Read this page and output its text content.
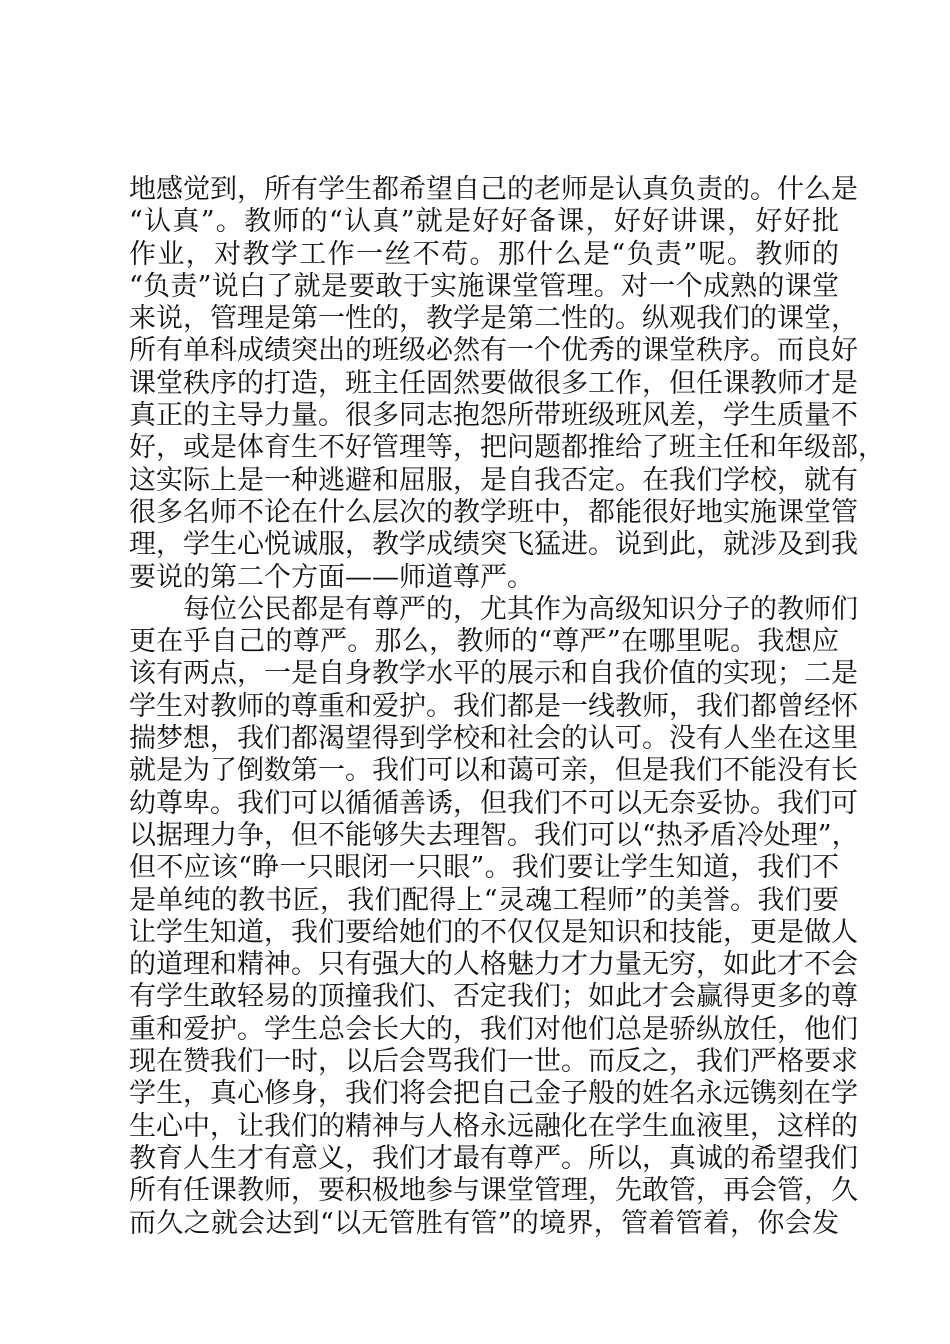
地感觉到，所有学生都希望自己的老师是认真负责的。什么是
“认真”。教师的“认真”就是好好备课，好好讲课，好好批
作业，对教学工作一丝不苟。那什么是“负责”呢。教师的
“负责”说白了就是要敢于实施课堂管理。对一个成熟的课堂
来说，管理是第一性的，教学是第二性的。纵观我们的课堂，
所有单科成绩突出的班级必然有一个优秀的课堂秩序。而良好
课堂秩序的打造，班主任固然要做很多工作，但任课教师才是
真正的主导力量。很多同志抱怨所带班级班风差，学生质量不
好，或是体育生不好管理等，把问题都推给了班主任和年级部，
这实际上是一种逃避和屈服，是自我否定。在我们学校，就有
很多名师不论在什么层次的教学班中，都能很好地实施课堂管
理，学生心悦诚服，教学成绩突飞猛进。说到此，就涉及到我
要说的第二个方面——师道尊严。
每位公民都是有尊严的，尤其作为高级知识分子的教师们
更在乎自己的尊严。那么，教师的“尊严”在哪里呢。我想应
该有两点，一是自身教学水平的展示和自我价值的实现；二是
学生对教师的尊重和爱护。我们都是一线教师，我们都曾经怀
揣梦想，我们都渴望得到学校和社会的认可。没有人坐在这里
就是为了倒数第一。我们可以和蔼可亲，但是我们不能没有长
幼尊卑。我们可以循循善诱，但我们不可以无奈妥协。我们可
以据理力争，但不能够失去理智。我们可以“热矛盾冷处理”，
但不应该“睁一只眼闭一只眼”。我们要让学生知道，我们不
是单纯的教书匠，我们配得上“灵魂工程师”的美誉。我们要
让学生知道，我们要给她们的不仅仅是知识和技能，更是做人
的道理和精神。只有强大的人格魅力才力量无穷，如此才不会
有学生敢轻易的顶撞我们、否定我们；如此才会赢得更多的尊
重和爱护。学生总会长大的，我们对他们总是骄纵放任，他们
现在赞我们一时，以后会骂我们一世。而反之，我们严格要求
学生，真心修身，我们将会把自己金子般的姓名永远镌刻在学
生心中，让我们的精神与人格永远融化在学生血液里，这样的
教育人生才有意义，我们才最有尊严。所以，真诚的希望我们
所有任课教师，要积极地参与课堂管理，先敢管，再会管，久
而久之就会达到“以无管胜有管”的境界，管着管着，你会发
